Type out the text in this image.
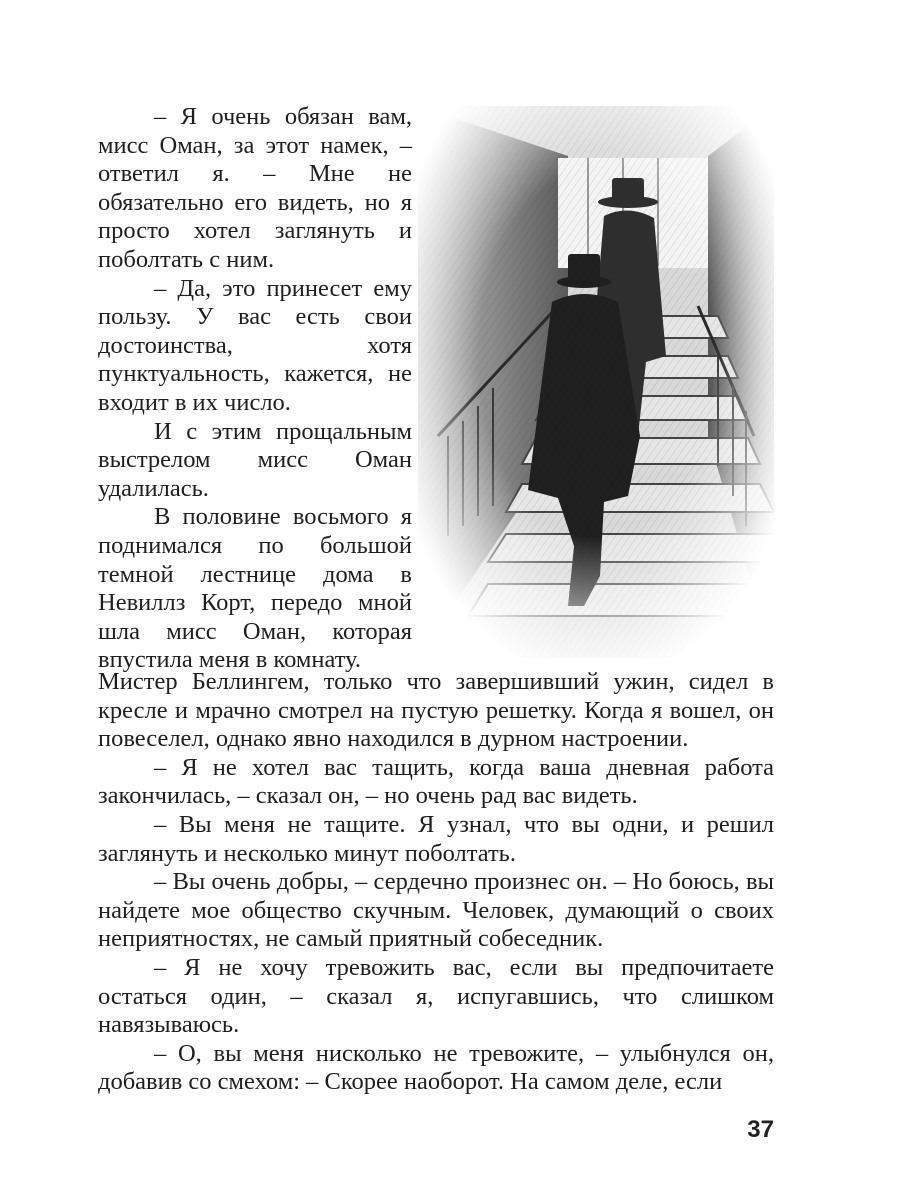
– Я очень обязан вам, мисс Оман, за этот намек, – ответил я. – Мне не обязательно его видеть, но я просто хотел заглянуть и поболтать с ним.

– Да, это принесет ему пользу. У вас есть свои достоинства, хотя пунктуальность, кажется, не входит в их число.

И с этим прощальным выстрелом мисс Оман удалилась.

В половине восьмого я поднимался по большой темной лестнице дома в Невиллз Корт, передо мной шла мисс Оман, которая впустила меня в комнату.

Мистер Беллингем, только что завершивший ужин, сидел в кресле и мрачно смотрел на пустую решетку. Когда я вошел, он повеселел, однако явно находился в дурном настроении.

– Я не хотел вас тащить, когда ваша дневная работа закончилась, – сказал он, – но очень рад вас видеть.

– Вы меня не тащите. Я узнал, что вы одни, и решил заглянуть и несколько минут поболтать.

– Вы очень добры, – сердечно произнес он. – Но боюсь, вы найдете мое общество скучным. Человек, думающий о своих неприятностях, не самый приятный собеседник.

– Я не хочу тревожить вас, если вы предпочитаете остаться один, – сказал я, испугавшись, что слишком навязываюсь.

– О, вы меня нисколько не тревожите, – улыбнулся он, добавив со смехом: – Скорее наоборот. На самом деле, если

37
